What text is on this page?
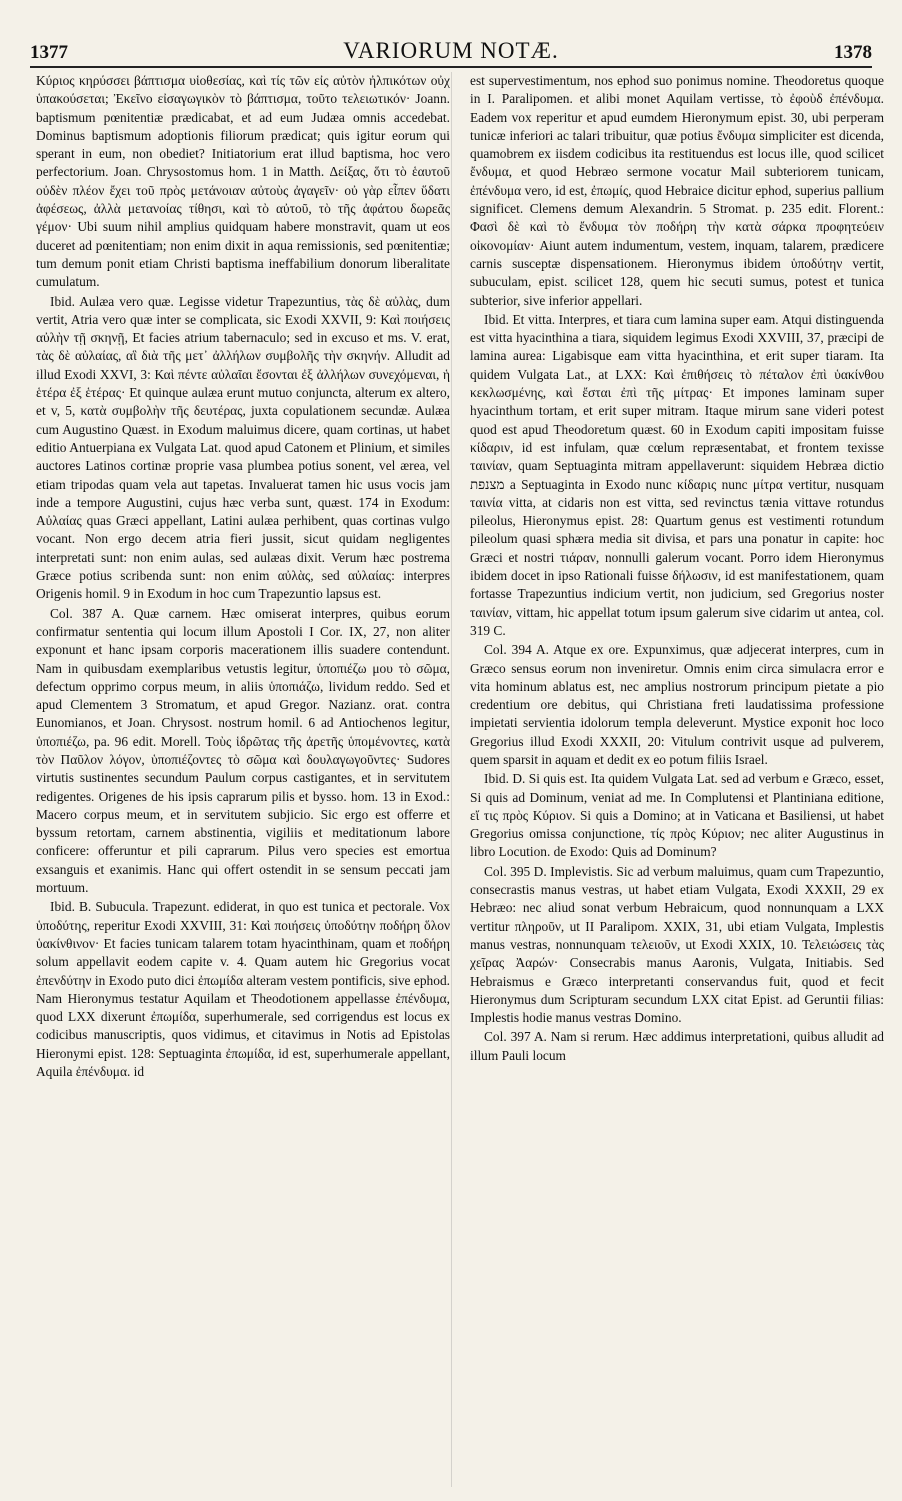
1377	VARIORUM NOTÆ.	1378

Κύριος κηρύσσει βάπτισμα υἱοθεσίας, καὶ τίς τῶν εἰς αὐτὸν ἠλπικότων οὐχ ὑπακούσεται; Ἐκεῖνο εἰσαγωγικὸν τὸ βάπτισμα, τοῦτο τελειωτικόν· Joann. baptismum pœnitentiæ prædicabat, et ad eum Judæa omnis accedebat. Dominus baptismum adoptionis filiorum prædicat; quis igitur eorum qui sperant in eum, non obediet? Initiatorium erat illud baptisma, hoc vero perfectorium. Joan. Chrysostomus hom. 1 in Matth. Δείξας, ὅτι τὸ ἑαυτοῦ οὐδὲν πλέον ἔχει τοῦ πρὸς μετάνοιαν αὐτοὺς ἀγαγεῖν· οὐ γὰρ εἶπεν ὕδατι ἀφέσεως, ἀλλὰ μετανοίας τίθησι, καὶ τὸ αὐτοῦ, τὸ τῆς ἀφάτου δωρεᾶς γέμον· Ubi suum nihil amplius quidquam habere monstravit, quam ut eos duceret ad pœnitentiam; non enim dixit in aqua remissionis, sed pœnitentiæ; tum demum ponit etiam Christi baptisma ineffabilium donorum liberalitate cumulatum.

Ibid. Aulæa vero quæ. Legisse videtur Trapezuntius, τὰς δὲ αὐλὰς, dum vertit, Atria vero quæ inter se complicata, sic Exodi XXVII, 9: Καὶ ποιήσεις αὐλὴν τῇ σκηνῇ, Et facies atrium tabernaculo; sed in excuso et ms. V. erat, τὰς δὲ αὐλαίας, αἳ διὰ τῆς μετ᾽ ἀλλήλων συμβολῆς τὴν σκηνήν. Alludit ad illud Exodi XXVI, 3: Καὶ πέντε αὐλαῖαι ἔσονται ἐξ ἀλλήλων συνεχόμεναι, ἡ ἑτέρα ἐξ ἑτέρας· Et quinque aulæa erunt mutuo conjuncta, alterum ex altero, et v, 5, κατὰ συμβολὴν τῆς δευτέρας, juxta copulationem secundæ. Aulæa cum Augustino Quæst. in Exodum maluimus dicere, quam cortinas, ut habet editio Antuerpiana ex Vulgata Lat. quod apud Catonem et Plinium, et similes auctores Latinos cortinæ proprie vasa plumbea potius sonent, vel ærea, vel etiam tripodas quam vela aut tapetas. Invaluerat tamen hic usus vocis jam inde a tempore Augustini, cujus hæc verba sunt, quæst. 174 in Exodum: Αὐλαίας quas Græci appellant, Latini aulæa perhibent, quas cortinas vulgo vocant. Non ergo decem atria fieri jussit, sicut quidam negligentes interpretati sunt: non enim aulas, sed aulæas dixit. Verum hæc postrema Græce potius scribenda sunt: non enim αὐλὰς, sed αὐλαίας: interpres Origenis homil. 9 in Exodum in hoc cum Trapezuntio lapsus est.

Col. 387 A. Quæ carnem. Hæc omiserat interpres, quibus eorum confirmatur sententia qui locum illum Apostoli I Cor. IX, 27, non aliter exponunt et hanc ipsam corporis macerationem illis suadere contendunt. Nam in quibusdam exemplaribus vetustis legitur, ὑποπιέζω μου τὸ σῶμα, defectum opprimo corpus meum, in aliis ὑποπιάζω, lividum reddo. Sed et apud Clementem 3 Stromatum, et apud Gregor. Nazianz. orat. contra Eunomianos, et Joan. Chrysost. nostrum homil. 6 ad Antiochenos legitur, ὑποπιέζω, pa. 96 edit. Morell. Τοὺς ἱδρῶτας τῆς ἀρετῆς ὑπομένοντες, κατὰ τὸν Παῦλον λόγον, ὑποπιέζοντες τὸ σῶμα καὶ δουλαγωγοῦντες· Sudores virtutis sustinentes secundum Paulum corpus castigantes, et in servitutem redigentes. Origenes de his ipsis caprarum pilis et bysso. hom. 13 in Exod.: Macero corpus meum, et in servitutem subjicio. Sic ergo est offerre et byssum retortam, carnem abstinentia, vigiliis et meditationum labore conficere: offeruntur et pili caprarum. Pilus vero species est emortua exsanguis et exanimis. Hanc qui offert ostendit in se sensum peccati jam mortuum.

Ibid. B. Subucula. Trapezunt. ediderat, in quo est tunica et pectorale. Vox ὑποδύτης, reperitur Exodi XXVIII, 31: Καὶ ποιήσεις ὑποδύτην ποδήρη ὅλον ὑακίνθινον· Et facies tunicam talarem totam hyacinthinam, quam et ποδήρη solum appellavit eodem capite v. 4. Quam autem hic Gregorius vocat ἐπενδύτην in Exodo puto dici ἐπωμίδα alteram vestem pontificis, sive ephod. Nam Hieronymus testatur Aquilam et Theodotionem appellasse ἐπένδυμα, quod LXX dixerunt ἐπωμίδα, superhumerale, sed corrigendus est locus ex codicibus manuscriptis, quos vidimus, et citavimus in Notis ad Epistolas Hieronymi epist. 128: Septuaginta ἐπωμίδα, id est, superhumerale appellant, Aquila ἐπένδυμα. id

est supervestimentum, nos ephod suo ponimus nomine. Theodoretus quoque in I. Paralipomen. et alibi monet Aquilam vertisse, τὸ ἐφοὺδ ἐπένδυμα. Eadem vox reperitur et apud eumdem Hieronymum epist. 30, ubi perperam tunicæ inferiori ac talari tribuitur, quæ potius ἔνδυμα simpliciter est dicenda, quamobrem ex iisdem codicibus ita restituendus est locus ille, quod scilicet ἔνδυμα, et quod Hebræo sermone vocatur Mail subteriorem tunicam, ἐπένδυμα vero, id est, ἐπωμίς, quod Hebraice dicitur ephod, superius pallium significet. Clemens demum Alexandrin. 5 Stromat. p. 235 edit. Florent.: Φασὶ δὲ καὶ τὸ ἔνδυμα τὸν ποδήρη τὴν κατὰ σάρκα προφητεύειν οἰκονομίαν· Aiunt autem indumentum, vestem, inquam, talarem, prædicere carnis susceptæ dispensationem. Hieronymus ibidem ὑποδύτην vertit, subuculam, epist. scilicet 128, quem hic secuti sumus, potest et tunica subterior, sive inferior appellari.

Ibid. Et vitta. Interpres, et tiara cum lamina super eam. Atqui distinguenda est vitta hyacinthina a tiara, siquidem legimus Exodi XXVIII, 37, præcipi de lamina aurea: Ligabisque eam vitta hyacinthina, et erit super tiaram. Ita quidem Vulgata Lat., at LXX: Καὶ ἐπιθήσεις τὸ πέταλον ἐπὶ ὑακίνθου κεκλωσμένης, καὶ ἔσται ἐπὶ τῆς μίτρας· Et impones laminam super hyacinthum tortam, et erit super mitram. Itaque mirum sane videri potest quod est apud Theodoretum quæst. 60 in Exodum capiti impositam fuisse κίδαριν, id est infulam, quæ cœlum repræsentabat, et frontem texisse ταινίαν, quam Septuaginta mitram appellaverunt: siquidem Hebræa dictio מצנפת a Septuaginta in Exodo nunc κίδαρις nunc μίτρα vertitur, nusquam ταινία vitta, at cidaris non est vitta, sed revinctus tænia vittave rotundus pileolus, Hieronymus epist. 28: Quartum genus est vestimenti rotundum pileolum quasi sphæra media sit divisa, et pars una ponatur in capite: hoc Græci et nostri τιάραν, nonnulli galerum vocant. Porro idem Hieronymus ibidem docet in ipso Rationali fuisse δήλωσιν, id est manifestationem, quam fortasse Trapezuntius indicium vertit, non judicium, sed Gregorius noster ταινίαν, vittam, hic appellat totum ipsum galerum sive cidarim ut antea, col. 319 C.

Col. 394 A. Atque ex ore. Expunximus, quæ adjecerat interpres, cum in Græco sensus eorum non inveniretur. Omnis enim circa simulacra error e vita hominum ablatus est, nec amplius nostrorum principum pietate a pio credentium ore debitus, qui Christiana freti laudatissima professione impietati servientia idolorum templa deleverunt. Mystice exponit hoc loco Gregorius illud Exodi XXXII, 20: Vitulum contrivit usque ad pulverem, quem sparsit in aquam et dedit ex eo potum filiis Israel.

Ibid. D. Si quis est. Ita quidem Vulgata Lat. sed ad verbum e Græco, esset, Si quis ad Dominum, veniat ad me. In Complutensi et Plantiniana editione, εἴ τις πρὸς Κύριον. Si quis a Domino; at in Vaticana et Basiliensi, ut habet Gregorius omissa conjunctione, τίς πρὸς Κύριον; nec aliter Augustinus in libro Locution. de Exodo: Quis ad Dominum?

Col. 395 D. Implevistis. Sic ad verbum maluimus, quam cum Trapezuntio, consecrastis manus vestras, ut habet etiam Vulgata, Exodi XXXII, 29 ex Hebræo: nec aliud sonat verbum Hebraicum, quod nonnunquam a LXX vertitur πληροῦν, ut II Paralipom. XXIX, 31, ubi etiam Vulgata, Implestis manus vestras, nonnunquam τελειοῦν, ut Exodi XXIX, 10. Τελειώσεις τὰς χεῖρας Ἀαρών· Consecrabis manus Aaronis, Vulgata, Initiabis. Sed Hebraismus e Græco interpretanti conservandus fuit, quod et fecit Hieronymus dum Scripturam secundum LXX citat Epist. ad Geruntii filias: Implestis hodie manus vestras Domino.

Col. 397 A. Nam si rerum. Hæc addimus interpretationi, quibus alludit ad illum Pauli locum
